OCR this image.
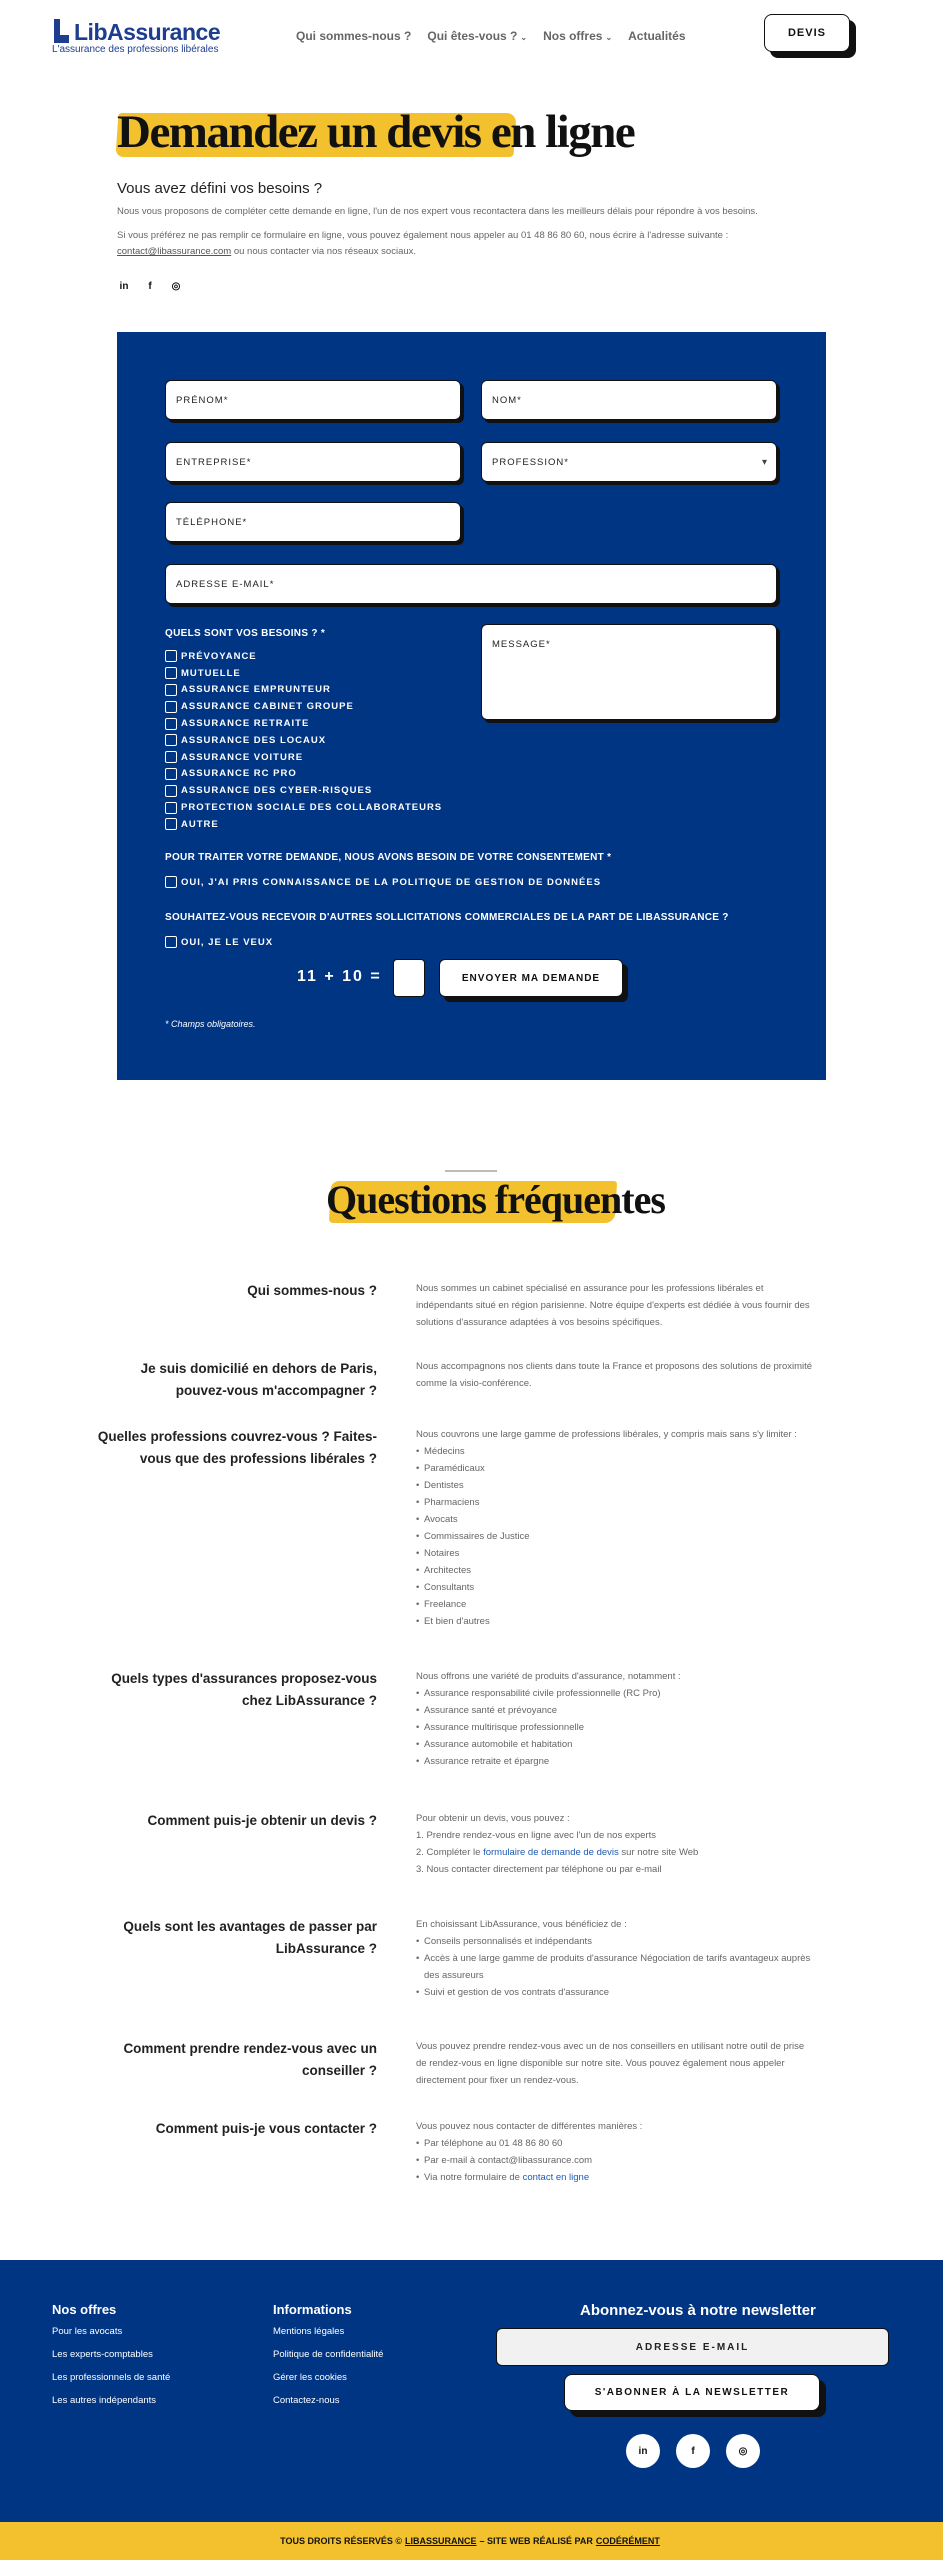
LibAssurance
L'assurance des professions libérales
Qui sommes-nous ? Qui êtes-vous ? ⌄ Nos offres ⌄ Actualités	DEVIS
Demandez un devis en ligne
Vous avez défini vos besoins ?

Nous vous proposons de compléter cette demande en ligne, l'un de nos expert vous recontactera dans les meilleurs délais pour répondre à vos besoins.

Si vous préférez ne pas remplir ce formulaire en ligne, vous pouvez également nous appeler au 01 48 86 80 60, nous écrire à l'adresse suivante : contact@libassurance.com ou nous contacter via nos réseaux sociaux.

in	f	◎
PRÉNOM*	NOM*
ENTREPRISE*	PROFESSION* ▾
TÉLÉPHONE*
ADRESSE E-MAIL*
QUELS SONT VOS BESOINS ? *
PRÉVOYANCE
MUTUELLE
ASSURANCE EMPRUNTEUR
ASSURANCE CABINET GROUPE
ASSURANCE RETRAITE
ASSURANCE DES LOCAUX
ASSURANCE VOITURE
ASSURANCE RC PRO
ASSURANCE DES CYBER-RISQUES
PROTECTION SOCIALE DES COLLABORATEURS
AUTRE
MESSAGE*
POUR TRAITER VOTRE DEMANDE, NOUS AVONS BESOIN DE VOTRE CONSENTEMENT *
OUI, J'AI PRIS CONNAISSANCE DE LA POLITIQUE DE GESTION DE DONNÉES
SOUHAITEZ-VOUS RECEVOIR D'AUTRES SOLLICITATIONS COMMERCIALES DE LA PART DE LIBASSURANCE ?
OUI, JE LE VEUX
11 + 10 =	ENVOYER MA DEMANDE
* Champs obligatoires.
Questions fréquentes
Qui sommes-nous ?	Nous sommes un cabinet spécialisé en assurance pour les professions libérales et indépendants situé en région parisienne. Notre équipe d'experts est dédiée à vous fournir des solutions d'assurance adaptées à vos besoins spécifiques.
Je suis domicilié en dehors de Paris, pouvez-vous m'accompagner ?
Nous accompagnons nos clients dans toute la France et proposons des solutions de proximité comme la visio-conférence.
Quelles professions couvrez-vous ? Faites-vous que des professions libérales ?
Nous couvrons une large gamme de professions libérales, y compris mais sans s'y limiter :
• Médecins
• Paramédicaux
• Dentistes
• Pharmaciens
• Avocats
• Commissaires de Justice
• Notaires
• Architectes
• Consultants
• Freelance
• Et bien d'autres
Quels types d'assurances proposez-vous chez LibAssurance ?
Nous offrons une variété de produits d'assurance, notamment :
• Assurance responsabilité civile professionnelle (RC Pro)
• Assurance santé et prévoyance
• Assurance multirisque professionnelle
• Assurance automobile et habitation
• Assurance retraite et épargne
Comment puis-je obtenir un devis ?	Pour obtenir un devis, vous pouvez :
1. Prendre rendez-vous en ligne avec l'un de nos experts
2. Compléter le formulaire de demande de devis sur notre site Web
3. Nous contacter directement par téléphone ou par e-mail
Quels sont les avantages de passer par LibAssurance ?
En choisissant LibAssurance, vous bénéficiez de :
• Conseils personnalisés et indépendants
• Accès à une large gamme de produits d'assurance Négociation de tarifs avantageux auprès des assureurs
• Suivi et gestion de vos contrats d'assurance
Comment prendre rendez-vous avec un conseiller ?
Vous pouvez prendre rendez-vous avec un de nos conseillers en utilisant notre outil de prise de rendez-vous en ligne disponible sur notre site. Vous pouvez également nous appeler directement pour fixer un rendez-vous.
Comment puis-je vous contacter ?	Vous pouvez nous contacter de différentes manières :
• Par téléphone au 01 48 86 80 60
• Par e-mail à contact@libassurance.com
• Via notre formulaire de contact en ligne
Nos offres
Pour les avocats
Les experts-comptables
Les professionnels de santé
Les autres indépendants
Informations
Mentions légales
Politique de confidentialité
Gérer les cookies
Contactez-nous
Abonnez-vous à notre newsletter
ADRESSE E-MAIL
S'ABONNER À LA NEWSLETTER
in	f	◎
TOUS DROITS RÉSERVÉS © LIBASSURANCE – SITE WEB RÉALISÉ PAR CODÉRÉMENT
